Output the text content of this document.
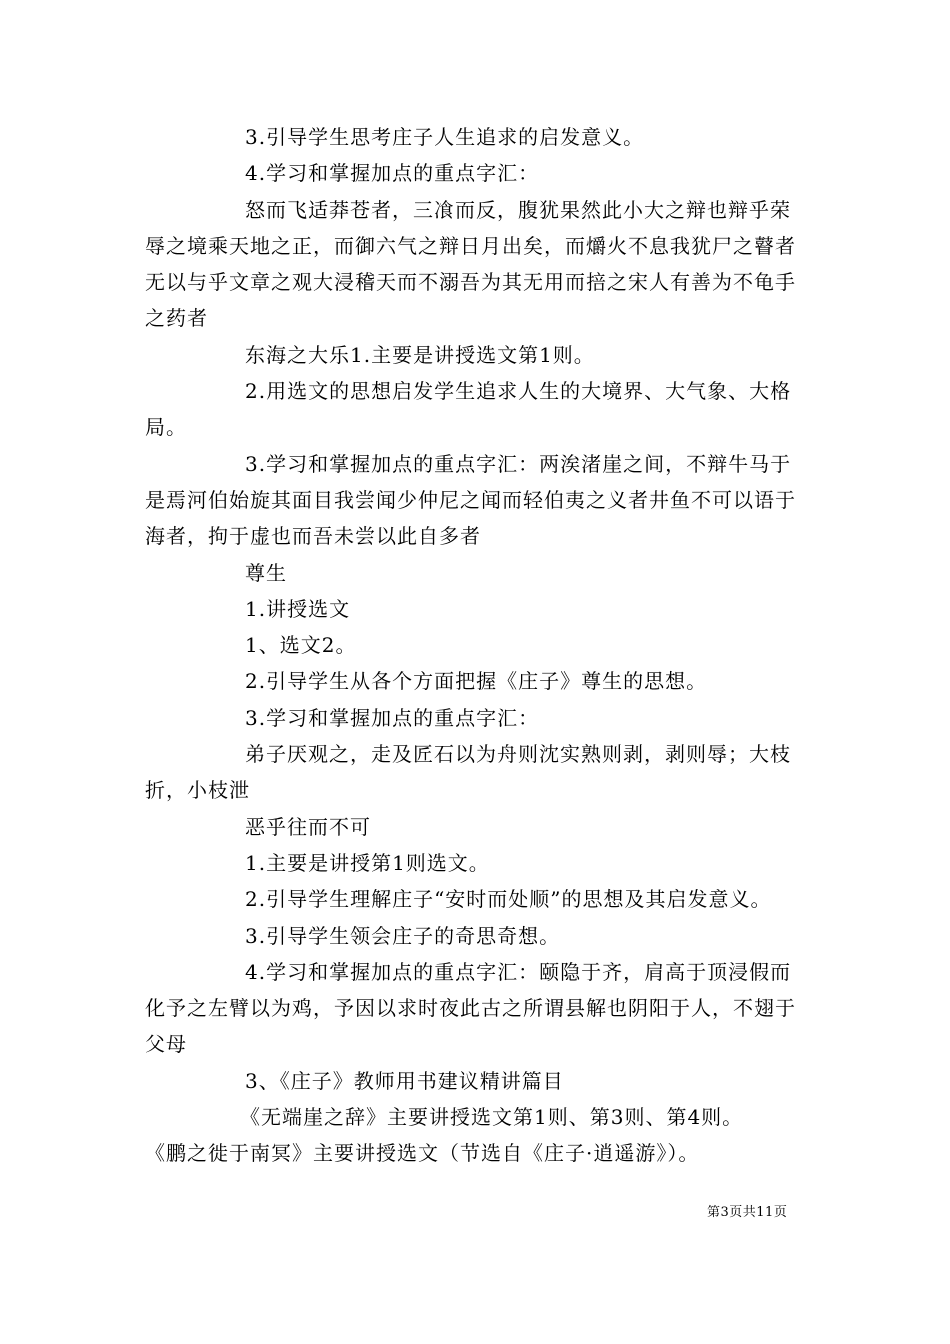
3.引导学生思考庄子人生追求的启发意义。

4.学习和掌握加点的重点字汇：

怒而飞适莽苍者，三飡而反，腹犹果然此小大之辩也辩乎荣辱之境乘天地之正，而御六气之辩日月出矣，而爝火不息我犹尸之瞽者无以与乎文章之观大浸稽天而不溺吾为其无用而掊之宋人有善为不龟手之药者

东海之大乐1.主要是讲授选文第1则。

2.用选文的思想启发学生追求人生的大境界、大气象、大格局。

3.学习和掌握加点的重点字汇：两涘渚崖之间，不辩牛马于是焉河伯始旋其面目我尝闻少仲尼之闻而轻伯夷之义者井鱼不可以语于海者，拘于虚也而吾未尝以此自多者

尊生

1.讲授选文

1、选文2。

2.引导学生从各个方面把握《庄子》尊生的思想。

3.学习和掌握加点的重点字汇：

弟子厌观之，走及匠石以为舟则沈实熟则剥，剥则辱；大枝折，小枝泄

恶乎往而不可

1.主要是讲授第1则选文。

2.引导学生理解庄子“安时而处顺”的思想及其启发意义。

3.引导学生领会庄子的奇思奇想。

4.学习和掌握加点的重点字汇：颐隐于齐，肩高于顶浸假而化予之左臂以为鸡，予因以求时夜此古之所谓县解也阴阳于人，不翅于父母

3、《庄子》教师用书建议精讲篇目

《无端崖之辞》主要讲授选文第1则、第3则、第4则。

《鹏之徙于南冥》主要讲授选文（节选自《庄子·逍遥游》）。

第3页共11页
